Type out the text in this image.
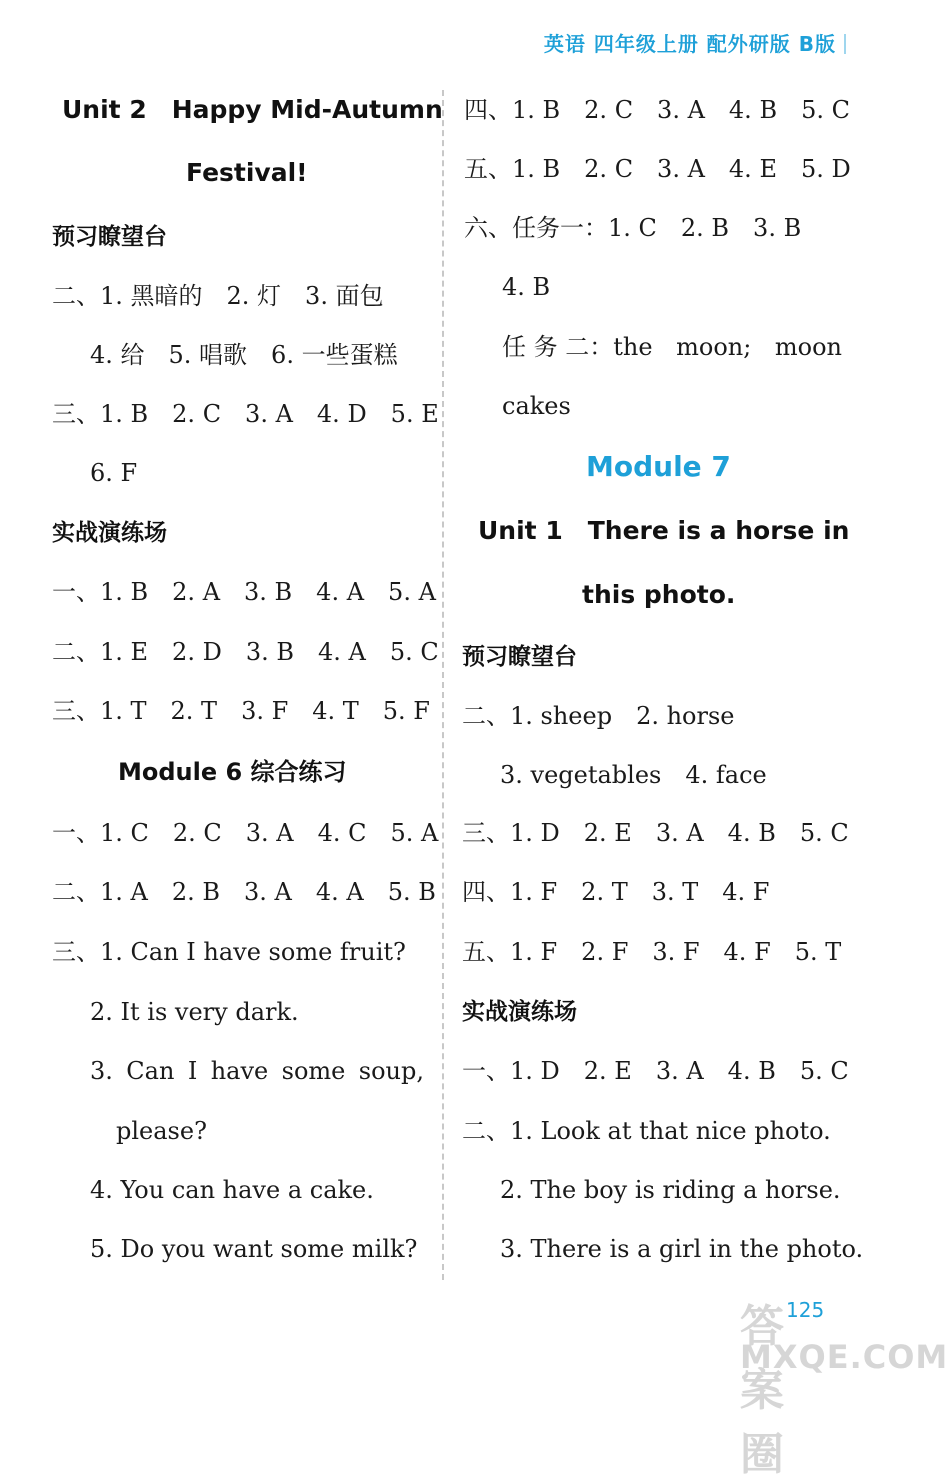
英语 四年级上册 配外研版 B版
Unit 2　Happy Mid-Autumn
Festival!
预习瞭望台
二、1. 黑暗的　2. 灯　3. 面包
4. 给　5. 唱歌　6. 一些蛋糕
三、1. B　2. C　3. A　4. D　5. E
6. F
实战演练场
一、1. B　2. A　3. B　4. A　5. A
二、1. E　2. D　3. B　4. A　5. C
三、1. T　2. T　3. F　4. T　5. F
Module 6 综合练习
一、1. C　2. C　3. A　4. C　5. A
二、1. A　2. B　3. A　4. A　5. B
三、1. Can I have some fruit?
2. It is very dark.
3. Can I have some soup,
please?
4. You can have a cake.
5. Do you want some milk?
四、1. B　2. C　3. A　4. B　5. C
五、1. B　2. C　3. A　4. E　5. D
六、任务一：1. C　2. B　3. B
4. B
任 务 二：the moon; moon
cakes
Module 7
Unit 1　There is a horse in
this photo.
预习瞭望台
二、1. sheep　2. horse
3. vegetables　4. face
三、1. D　2. E　3. A　4. B　5. C
四、1. F　2. T　3. T　4. F
五、1. F　2. F　3. F　4. F　5. T
实战演练场
一、1. D　2. E　3. A　4. B　5. C
二、1. Look at that nice photo.
2. The boy is riding a horse.
3. There is a girl in the photo.
125
答案圈
MXQE.COM
